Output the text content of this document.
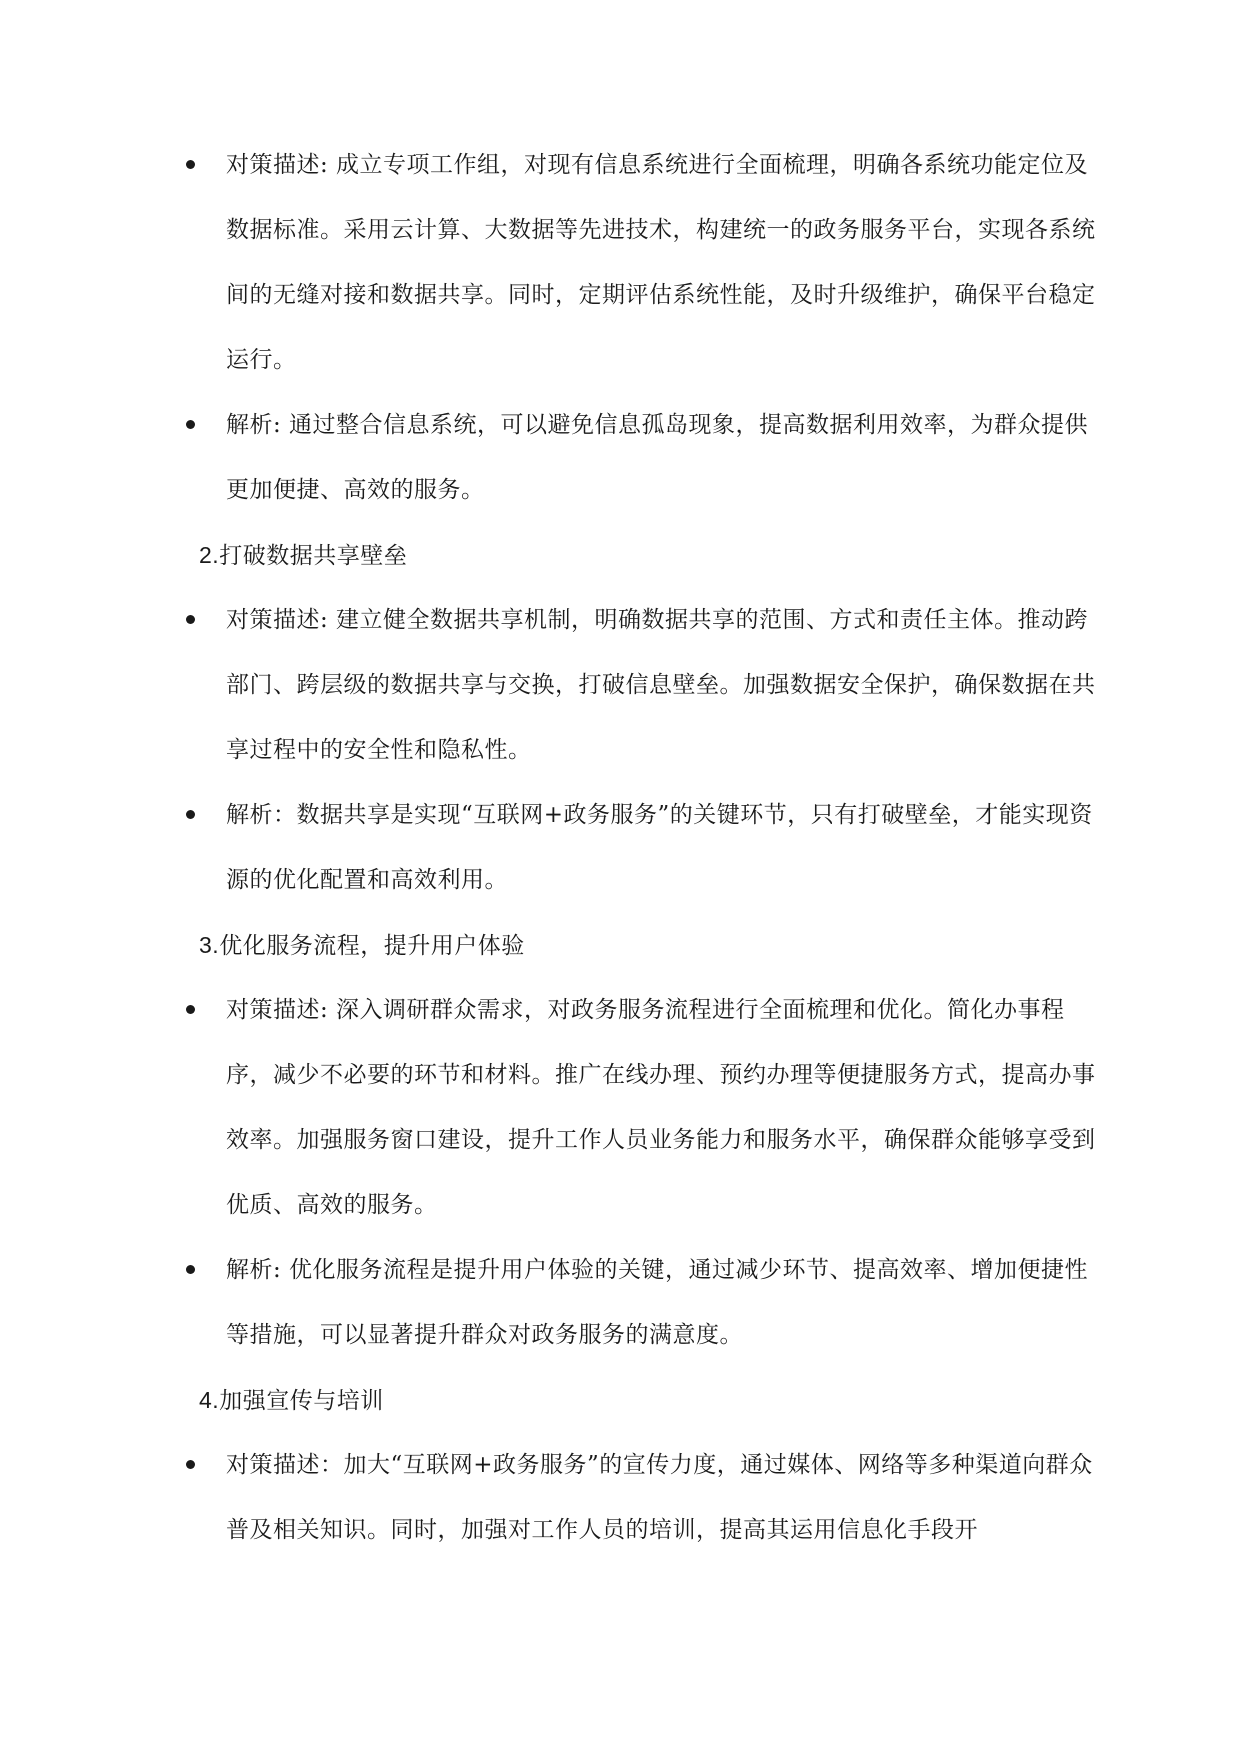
对策描述: 成立专项工作组，对现有信息系统进行全面梳理，明确各系统功能定位及数据标准。采用云计算、大数据等先进技术，构建统一的政务服务平台，实现各系统间的无缝对接和数据共享。同时，定期评估系统性能，及时升级维护，确保平台稳定运行。
解析: 通过整合信息系统，可以避免信息孤岛现象，提高数据利用效率，为群众提供更加便捷、高效的服务。
2.打破数据共享壁垒
对策描述: 建立健全数据共享机制，明确数据共享的范围、方式和责任主体。推动跨部门、跨层级的数据共享与交换，打破信息壁垒。加强数据安全保护，确保数据在共享过程中的安全性和隐私性。
解析：数据共享是实现“互联网+政务服务”的关键环节，只有打破壁垒，才能实现资源的优化配置和高效利用。
3.优化服务流程，提升用户体验
对策描述: 深入调研群众需求，对政务服务流程进行全面梳理和优化。简化办事程序，减少不必要的环节和材料。推广在线办理、预约办理等便捷服务方式，提高办事效率。加强服务窗口建设，提升工作人员业务能力和服务水平，确保群众能够享受到优质、高效的服务。
解析: 优化服务流程是提升用户体验的关键，通过减少环节、提高效率、增加便捷性等措施，可以显著提升群众对政务服务的满意度。
4.加强宣传与培训
对策描述：加大“互联网+政务服务”的宣传力度，通过媒体、网络等多种渠道向群众普及相关知识。同时，加强对工作人员的培训，提高其运用信息化手段开
